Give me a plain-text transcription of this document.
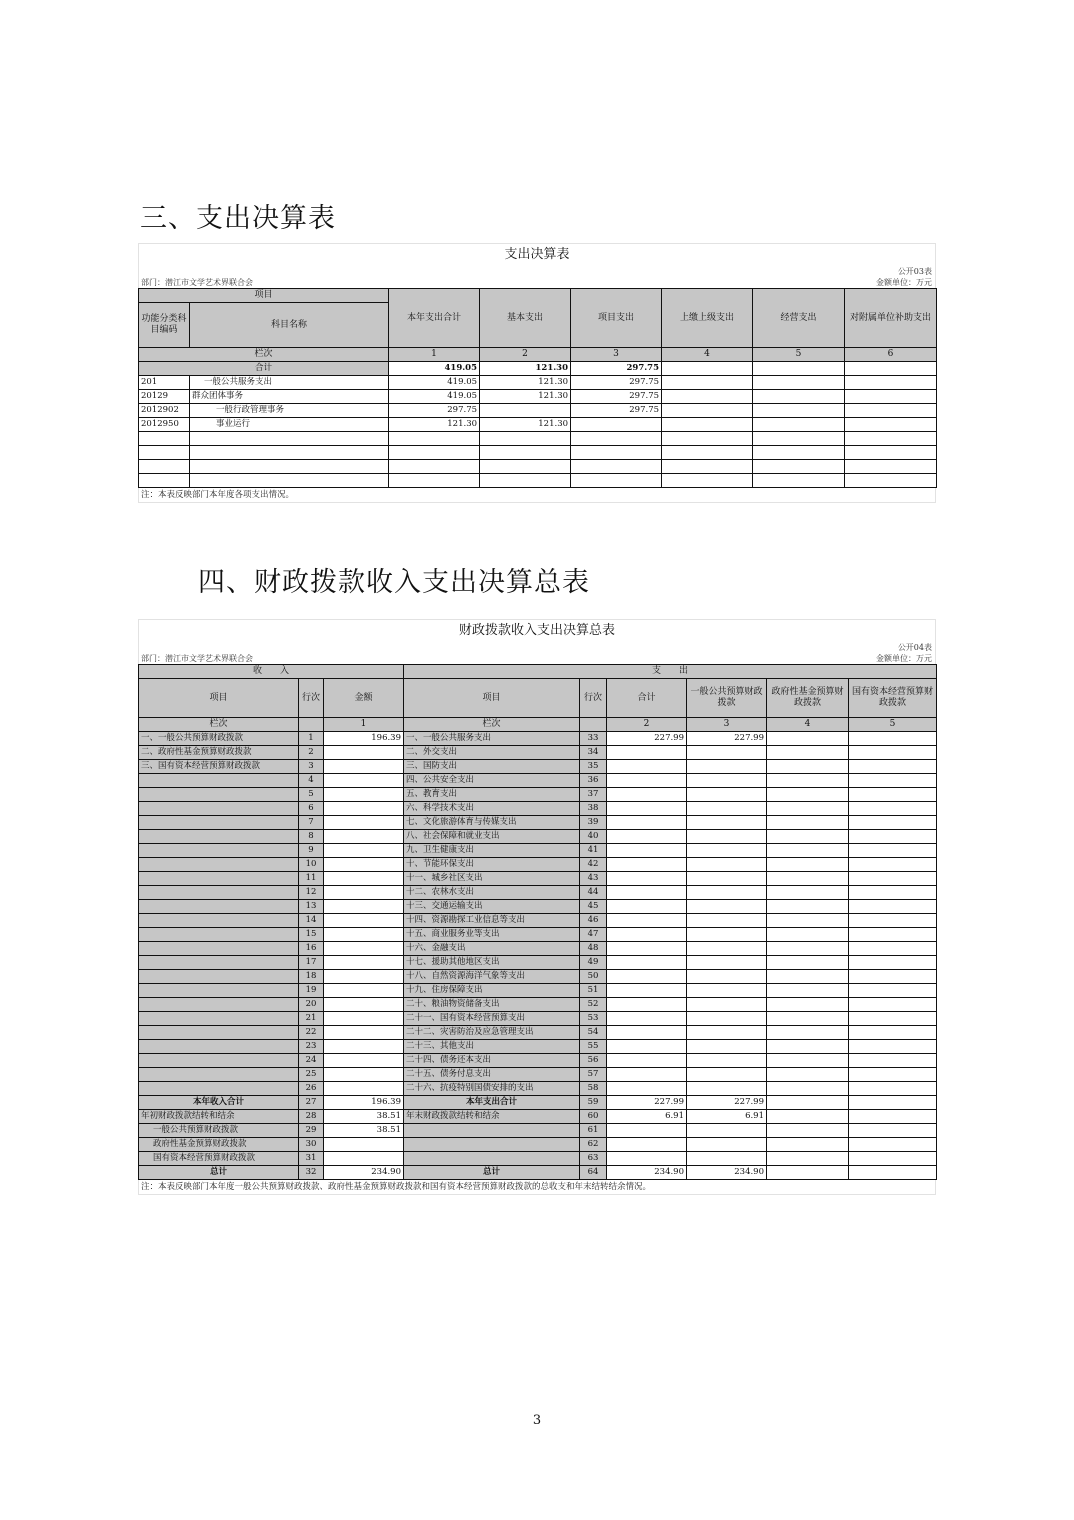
三、支出决算表
支出决算表
公开03表
部门：潜江市文学艺术界联合会	金额单位：万元
项目		本年支出合计	基本支出	项目支出	上缴上级支出	经营支出	对附属单位补助支出
功能分类科目编码	科目名称						
栏次		1	2	3	4	5	6
合计		419.05	121.30	297.75			
201	一般公共服务支出	419.05	121.30	297.75			
20129	群众团体事务	419.05	121.30	297.75			
2012902	一般行政管理事务	297.75		297.75			
2012950	事业运行	121.30	121.30				

注：本表反映部门本年度各项支出情况。
四、财政拨款收入支出决算总表
财政拨款收入支出决算总表
公开04表
部门：潜江市文学艺术界联合会	金额单位：万元
收　　入			支　　出					
项目	行次	金额	项目	行次	合计	一般公共预算财政拨款	政府性基金预算财政拨款	国有资本经营预算财政拨款
栏次		1	栏次		2	3	4	5
一、一般公共预算财政拨款	1	196.39	一、一般公共服务支出	33	227.99	227.99		
二、政府性基金预算财政拨款	2		二、外交支出	34				
三、国有资本经营预算财政拨款	3		三、国防支出	35				
	4		四、公共安全支出	36				
	5		五、教育支出	37				
	6		六、科学技术支出	38				
	7		七、文化旅游体育与传媒支出	39				
	8		八、社会保障和就业支出	40				
	9		九、卫生健康支出	41				
	10		十、节能环保支出	42				
	11		十一、城乡社区支出	43				
	12		十二、农林水支出	44				
	13		十三、交通运输支出	45				
	14		十四、资源勘探工业信息等支出	46				
	15		十五、商业服务业等支出	47				
	16		十六、金融支出	48				
	17		十七、援助其他地区支出	49				
	18		十八、自然资源海洋气象等支出	50				
	19		十九、住房保障支出	51				
	20		二十、粮油物资储备支出	52				
	21		二十一、国有资本经营预算支出	53				
	22		二十二、灾害防治及应急管理支出	54				
	23		二十三、其他支出	55				
	24		二十四、债务还本支出	56				
	25		二十五、债务付息支出	57				
	26		二十六、抗疫特别国债安排的支出	58				
本年收入合计	27	196.39	本年支出合计	59	227.99	227.99		
年初财政拨款结转和结余	28	38.51	年末财政拨款结转和结余	60	6.91	6.91		
一般公共预算财政拨款	29	38.51		61				
政府性基金预算财政拨款	30			62				
国有资本经营预算财政拨款	31			63				
总计	32	234.90	总计	64	234.90	234.90		
注：本表反映部门本年度一般公共预算财政拨款、政府性基金预算财政拨款和国有资本经营预算财政拨款的总收支和年末结转结余情况。
3
